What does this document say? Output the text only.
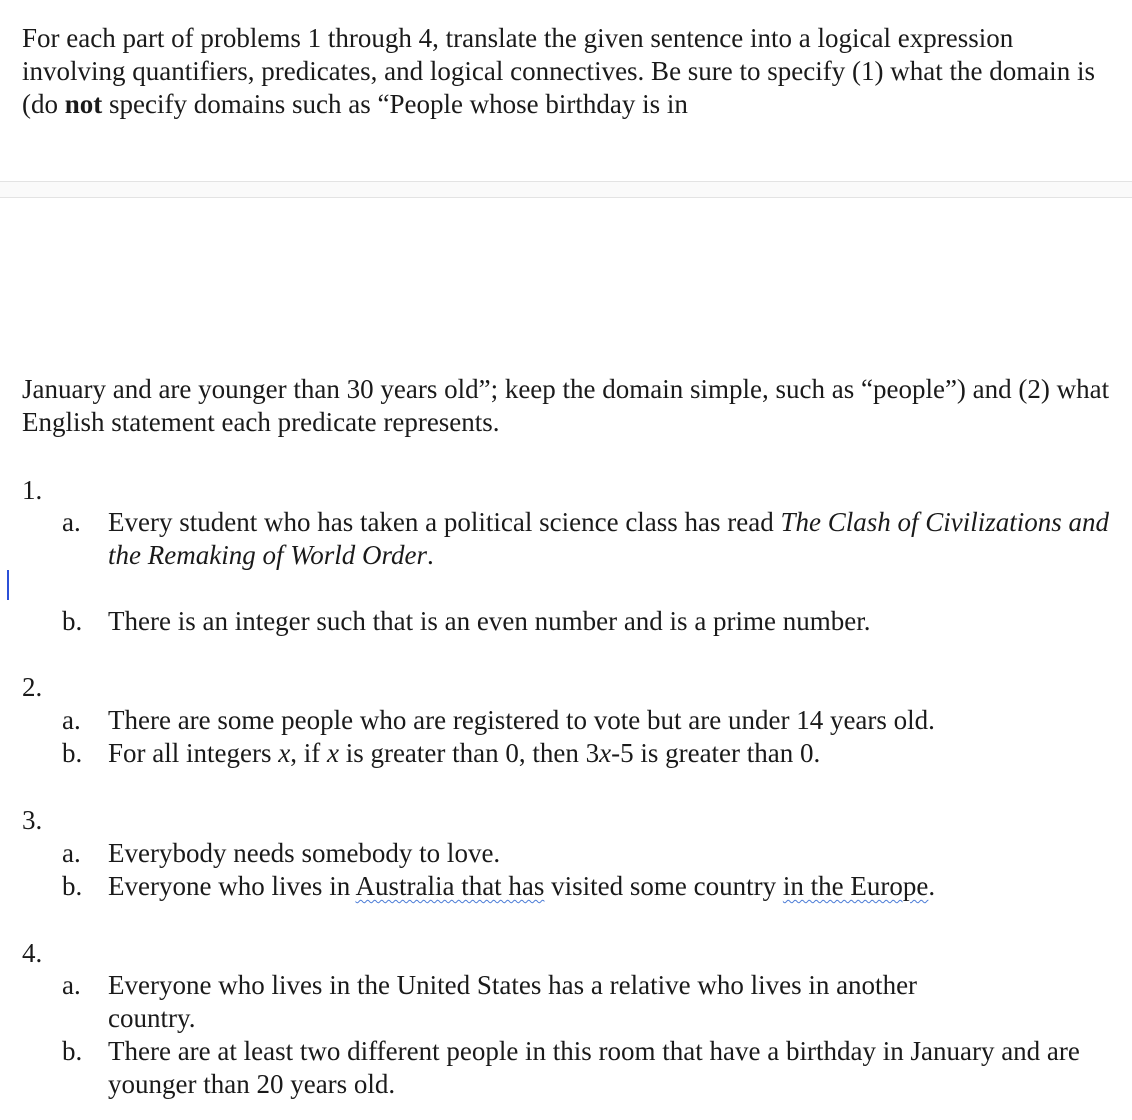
For each part of problems 1 through 4, translate the given sentence into a logical expression involving quantifiers, predicates, and logical connectives. Be sure to specify (1) what the domain is (do not specify domains such as “People whose birthday is in

January and are younger than 30 years old”; keep the domain simple, such as “people”) and (2) what English statement each predicate represents.

1.
a. Every student who has taken a political science class has read The Clash of Civilizations and the Remaking of World Order.
b. There is an integer such that is an even number and is a prime number.
2.
a. There are some people who are registered to vote but are under 14 years old.
b. For all integers x, if x is greater than 0, then 3x-5 is greater than 0.
3.
a. Everybody needs somebody to love.
b. Everyone who lives in Australia that has visited some country in the Europe.
4.
a. Everyone who lives in the United States has a relative who lives in another country.
b. There are at least two different people in this room that have a birthday in January and are younger than 20 years old.
